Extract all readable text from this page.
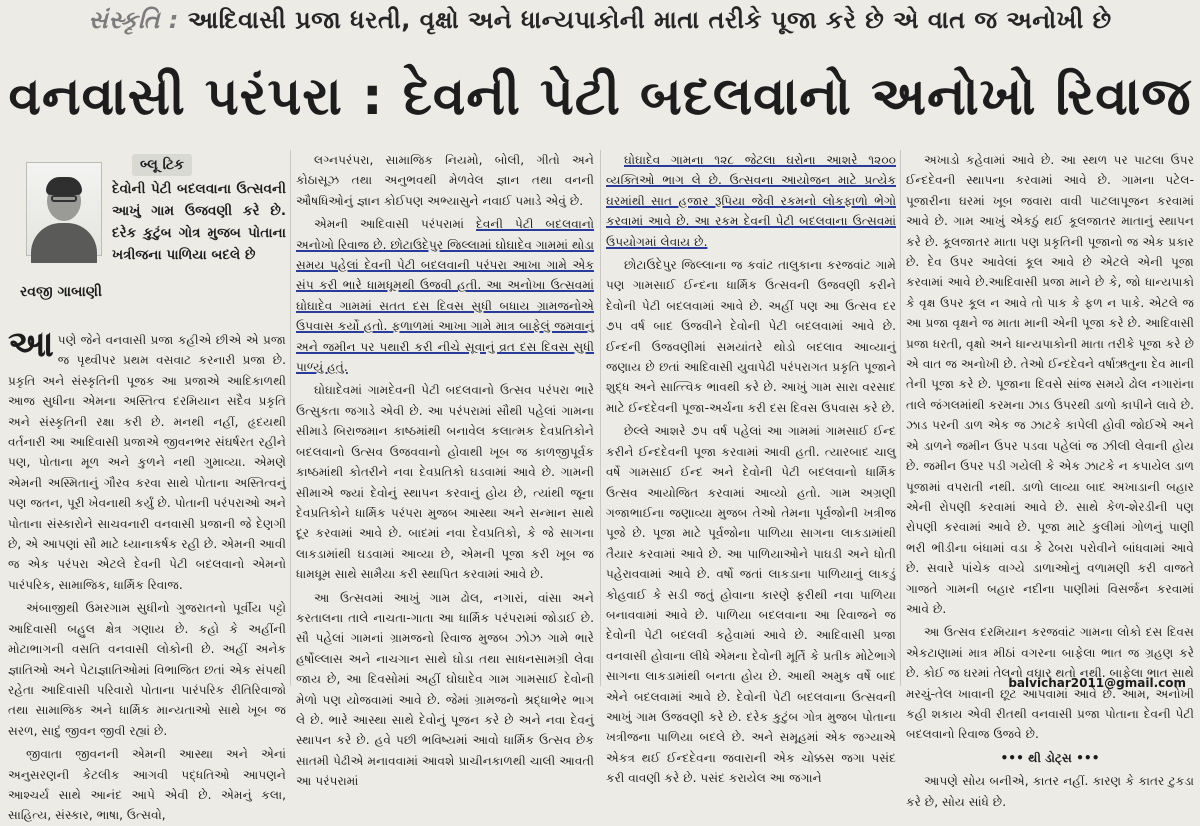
સંસ્કૃતિ : આદિવાસી પ્રજા ધરતી, વૃક્ષો અને ધાન્યપાકોની માતા તરીકે પૂજા કરે છે એ વાત જ અનોખી છે
વનવાસી પરંપરા : દેવની પેટી બદલવાનો અનોખો રિવાજ
બ્લૂ ટિક
દેવોની પેટી બદલવાના ઉત્સવની આખું ગામ ઉજવણી કરે છે. દરેક કુટુંબ ગોત્ર મુજબ પોતાના ખત્રીજના પાળિયા બદલે છે
રવજી ગાબાણી

આપણે જેને વનવાસી પ્રજા કહીએ છીએ એ પ્રજા જ પૃથ્વીપર પ્રથમ વસવાટ કરનારી પ્રજા છે. પ્રકૃતિ અને સંસ્કૃતિની પૂજક આ પ્રજાએ આદિકાળથી આજ સુધીના એમના અસ્તિત્વ દરમિયાન સદૈવ પ્રકૃતિ અને સંસ્કૃતિની રક્ષા કરી છે. મનથી નહીં, હૃદયથી વર્તનારી આ આદિવાસી પ્રજાએ જીવનભર સંઘર્ષરત રહીને પણ, પોતાના મૂળ અને કુળને નથી ગુમાવ્યા. એમણે એમની અસ્મિતાનું ગૌરવ કરવા સાથે પોતાના અસ્તિત્વનું પણ જતન, પૂરી ખેવનાથી કર્યું છે. પોતાની પરંપરાઓ અને પોતાના સંસ્કારોને સાચવનારી વનવાસી પ્રજાની જે દેણગી છે, એ આપણાં સૌ માટે ધ્યાનાકર્ષક રહી છે. એમની આવી જ એક પરંપરા એટલે દેવની પેટી બદલવાનો એમનો પારંપરિક, સામાજિક, ધાર્મિક રિવાજ.

અંબાજીથી ઉમરગામ સુધીનો ગુજરાતનો પૂર્વીય પટ્ટો આદિવાસી બહુલ ક્ષેત્ર ગણાય છે. કહો કે અહીંની મોટાભાગની વસતિ વનવાસી લોકોની છે. અહીં અનેક જ્ઞાતિઓ અને પેટાજ્ઞાતિઓમાં વિભાજિત છતાં એક સંપથી રહેતા આદિવાસી પરિવારો પોતાના પારંપરિક રીતિરિવાજો તથા સામાજિક અને ધાર્મિક માન્યતાઓ સાથે ખૂબ જ સરળ, સાદું જીવન જીવી રહ્યાં છે.

જીવાતા જીવનની એમની આસ્થા અને એનાં અનુસરણની કેટલીક આગવી પદ્ધતિઓ આપણને આશ્ચર્ય સાથે આનંદ આપે એવી છે. એમનું કલા, સાહિત્ય, સંસ્કાર, ભાષા, ઉત્સવો,

લગ્નપરંપરા, સામાજિક નિયમો, બોલી, ગીતો અને કોઠાસૂઝ તથા અનુભવથી મેળવેલ જ્ઞાન તથા વનની ઔષધિઓનું જ્ઞાન કોઈપણ અભ્યાસુને નવાઈ પમાડે એવું છે.

એમની આદિવાસી પરંપરામાં દેવની પેટી બદલવાનો અનોખો રિવાજ છે. છોટાઉદેપુર જિલ્લામાં ઘોઘાદેવ ગામમાં થોડા સમય પહેલાં દેવની પેટી બદલવાની પરંપરા આખા ગામે એક સંપ કરી ભારે ધામધૂમથી ઉજવી હતી. આ અનોખા ઉત્સવમાં ઘોઘાદેવ ગામમાં સતત દસ દિવસ સુધી બધાય ગ્રામજનોએ ઉપવાસ કર્યો હતો. ફળાળમાં આખા ગામે માત્ર બાફેલું જમવાનું અને જમીન પર પથારી કરી નીચે સૂવાનું વ્રત દસ દિવસ સુધી પાળ્યું હતું.

ઘોઘાદેવમાં ગામદેવની પેટી બદલવાનો ઉત્સવ પરંપરા ભારે ઉત્સુકતા જગાડે એવી છે. આ પરંપરામાં સૌથી પહેલાં ગામના સીમાડે બિરાજમાન કાષ્ઠમાંથી બનાવેલ કલાત્મક દેવપ્રતિકોને બદલવાનો ઉત્સવ ઉજવવાનો હોવાથી ખૂબ જ કાળજીપૂર્વક કાષ્ઠમાંથી કોતરીને નવા દેવપ્રતિકો ઘડવામાં આવે છે. ગામની સીમાએ જ્યાં દેવોનું સ્થાપન કરવાનું હોય છે, ત્યાંથી જૂના દેવપ્રતિકોને ધાર્મિક પરંપરા મુજબ આસ્થા અને સન્માન સાથે દૂર કરવામાં આવે છે. બાદમાં નવા દેવપ્રતિકો, કે જે સાગના લાકડામાંથી ઘડવામાં આવ્યા છે, એમની પૂજા કરી ખૂબ જ ધામધૂમ સાથે સામૈયા કરી સ્થાપિત કરવામાં આવે છે.

આ ઉત્સવમાં આખું ગામ ઢોલ, નગારાં, વાંસા અને કરતાલના તાલે નાચતા-ગાતા આ ધાર્મિક પરંપરામાં જોડાઈ છે. સૌ પહેલાં ગામનાં ગ્રામજનો રિવાજ મુજબ ઝોઝ ગામે ભારે હર્ષોલ્લાસ અને નાચગાન સાથે ઘોડા તથા સાધનસામગ્રી લેવા જાય છે, આ દિવસોમાં અહીં ઘોઘાદેવ ગામ ગામસાઈ દેવોની મેળો પણ યોજવામાં આવે છે. જેમાં ગ્રામજનો શ્રદ્ધાભેર ભાગ લે છે. ભારે આસ્થા સાથે દેવોનું પૂજન કરે છે અને નવા દેવનું સ્થાપન કરે છે. હવે પછી ભવિષ્યમાં આવો ધાર્મિક ઉત્સવ છેક સાતમી પેઢીએ મનાવવામાં આવશે પ્રાચીનકાળથી ચાલી આવતી આ પરંપરામાં

ઘોઘાદેવ ગામના ૧૨૮ જેટલા ઘરોના આશરે ૧૨૦૦ વ્યક્તિઓ ભાગ લે છે. ઉત્સવના આયોજન માટે પ્રત્યેક ઘરમાંથી સાત હજાર રૂપિયા જેવી રકમનો લોકફાળો ભેગો કરવામાં આવે છે. આ રકમ દેવની પેટી બદલવાના ઉત્સવમાં ઉપયોગમાં લેવાય છે.

છોટાઉદેપુર જિલ્લાના જ કવાંટ તાલુકાના કરજવાંટ ગામે પણ ગામસાઈ ઈન્દના ધાર્મિક ઉત્સવની ઉજવણી કરીને દેવોની પેટી બદલવામાં આવે છે. અહીં પણ આ ઉત્સવ દર ૭૫ વર્ષ બાદ ઉજવીને દેવોની પેટી બદલવામાં આવે છે. ઈન્દની ઉજવણીમાં સમયાંતરે થોડો બદલાવ આવ્યાનું જણાય છે છતાં આદિવાસી યુવાપેઢી પરંપરાગત પ્રકૃતિ પૂજાને શુદ્ધ અને સાત્ત્વિક ભાવથી કરે છે. આખું ગામ સારા વરસાદ માટે ઈન્દદેવની પૂજા-અર્ચના કરી દસ દિવસ ઉપવાસ કરે છે.

છેલ્લે આશરે ૭૫ વર્ષ પહેલાં આ ગામમાં ગામસાઈ ઈન્દ કરીને ઈન્દદેવની પૂજા કરવામાં આવી હતી. ત્યારબાદ ચાલુ વર્ષે ગામસાઈ ઈન્દ અને દેવોની પેટી બદલવાનો ધાર્મિક ઉત્સવ આયોજિત કરવામાં આવ્યો હતો. ગામ અગ્રણી ગજાભાઈના જણાવ્યા મુજબ તેઓ તેમના પૂર્વજોની ખત્રીજ પૂજે છે. પૂજા માટે પૂર્વજોના પાળિયા સાગના લાકડામાંથી તૈયાર કરવામાં આવે છે. આ પાળિયાઓને પાઘડી અને ધોતી પહેરાવવામાં આવે છે. વર્ષો જતાં લાકડાના પાળિયાનું લાકડું કોહવાઈ કે સડી જતું હોવાના કારણે ફરીથી નવા પાળિયા બનાવવામાં આવે છે. પાળિયા બદલવાના આ રિવાજને જ દેવોની પેટી બદલવી કહેવામાં આવે છે. આદિવાસી પ્રજા વનવાસી હોવાના લીધે એમના દેવોની મૂર્તિ કે પ્રતીક મોટેભાગે સાગના લાકડામાંથી બનતા હોય છે. આથી અમુક વર્ષે બાદ એને બદલવામાં આવે છે. દેવોની પેટી બદલવાના ઉત્સવની આખું ગામ ઉજવણી કરે છે. દરેક કુટુંબ ગોત્ર મુજબ પોતાના ખત્રીજના પાળિયા બદલે છે. અને સમૂહમાં એક જગ્યાએ એકત્ર થઈ ઈન્દદેવના જવારાની એક ચોક્કસ જગા પસંદ કરી વાવણી કરે છે. પસંદ કરાયેલ આ જગાને

અખાડો કહેવામાં આવે છે. આ સ્થળ પર પાટલા ઉપર ઈન્દદેવની સ્થાપના કરવામાં આવે છે. ગામના પટેલ-પૂજારીના ઘરમાં ખૂબ જવારા વાવી પાટલાપૂજન કરવામાં આવે છે. ગામ આખું એકઠું થઈ કૂલજાતર માતાનું સ્થાપન કરે છે. કૂલજાતર માતા પણ પ્રકૃતિની પૂજાનો જ એક પ્રકાર છે. દેવ ઉપર આવેલાં કૂલ આવે છે એટલે એની પૂજા કરવામાં આવે છે.આદિવાસી પ્રજા માને છે કે, જો ધાન્યપાકો કે વૃક્ષ ઉપર કૂલ ન આવે તો પાક કે ફળ ન પાકે. એટલે જ આ પ્રજા વૃક્ષને જ માતા માની એની પૂજા કરે છે. આદિવાસી પ્રજા ધરતી, વૃક્ષો અને ધાન્યપાકોની માતા તરીકે પૂજા કરે છે એ વાત જ અનોખી છે. તેઓ ઈન્દદેવને વર્ષાઋતુના દેવ માની તેની પૂજા કરે છે. પૂજાના દિવસે સાંજ સમયે ઢોલ નગારાંના તાલે જંગલમાંથી કરમના ઝાડ ઉપરથી ડાળો કાપીને લાવે છે. ઝાડ પરની ડાળ એક જ ઝાટકે કાપેલી હોવી જોઈએ અને એ ડાળને જમીન ઉપર પડવા પહેલાં જ ઝીલી લેવાની હોય છે. જમીન ઉપર પડી ગયેલી કે એક ઝાટકે ન કપાયેલ ડાળ પૂજામાં વપરાતી નથી. ડાળો લાવ્યા બાદ અખાડાની બહાર એની રોપણી કરવામાં આવે છે. સાથે કેળ-શેરડીની પણ રોપણી કરવામાં આવે છે. પૂજા માટે કુલીમાં ગોળનું પાણી ભરી ભીડીના બંધામાં વડા કે ઢેબરા પરોવીને બાંધવામાં આવે છે. સવારે પાંચેક વાગ્યે ડાળાઓનું વળામણી કરી વાજતે ગાજતે ગામની બહાર નદીના પાણીમાં વિસર્જન કરવામાં આવે છે.

આ ઉત્સવ દરમિયાન કરજવાંટ ગામના લોકો દસ દિવસ એકટાણામાં માત્ર મીઠાં વગરના બાફેલા ભાત જ ગ્રહણ કરે છે. કોઈ જ ઘરમાં તેલનો વઘાર થતો નથી. બાફેલા ભાત સાથે મરચું-તેલ ખાવાની છૂટ આપવામાં આવે છે. આમ, અનોખી કહી શકાય એવી રીતથી વનવાસી પ્રજા પોતાના દેવની પેટી બદલવાનો રિવાજ ઉજવે છે.

••• થી ડોટ્સ •••

આપણે સોય બનીએ, કાતર નહીં. કારણ કે કાતર ટુકડા કરે છે, સોય સાંધે છે.

balvichar2011@gmail.com
